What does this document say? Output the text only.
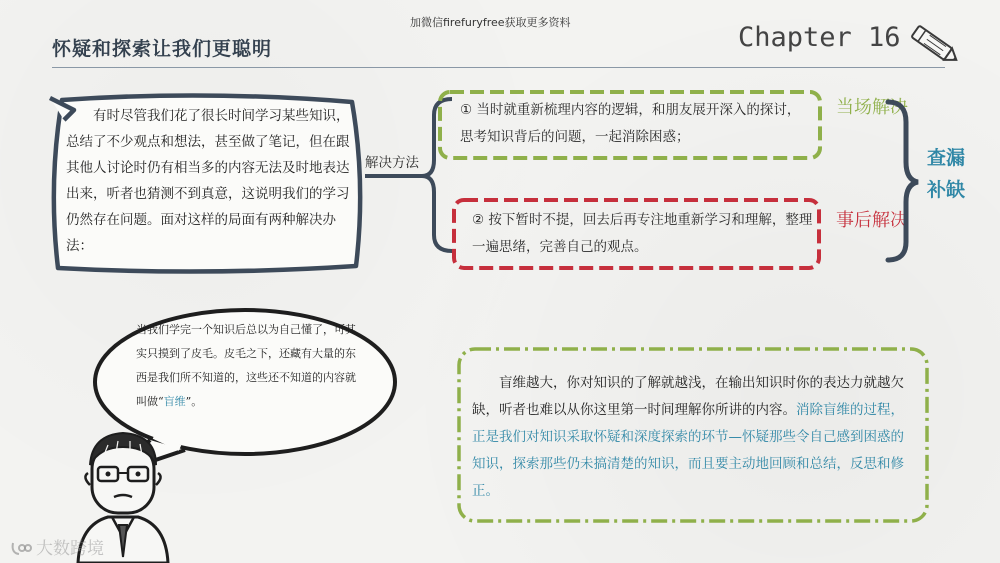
加微信firefuryfree获取更多资料
怀疑和探索让我们更聪明	Chapter 16
有时尽管我们花了很长时间学习某些知识，总结了不少观点和想法，甚至做了笔记，但在跟其他人讨论时仍有相当多的内容无法及时地表达出来，听者也猜测不到真意，这说明我们的学习仍然存在问题。面对这样的局面有两种解决办法：
解决方法
① 当时就重新梳理内容的逻辑，和朋友展开深入的探讨，思考知识背后的问题，一起消除困惑；
② 按下暂时不提，回去后再专注地重新学习和理解，整理一遍思绪，完善自己的观点。
当场解决
事后解决
查漏补缺
当我们学完一个知识后总以为自己懂了，可其实只摸到了皮毛。皮毛之下，还藏有大量的东西是我们所不知道的，这些还不知道的内容就叫做“盲维”。
盲维越大，你对知识的了解就越浅，在输出知识时你的表达力就越欠缺，听者也难以从你这里第一时间理解你所讲的内容。消除盲维的过程，正是我们对知识采取怀疑和深度探索的环节—怀疑那些令自己感到困惑的知识，探索那些仍未搞清楚的知识，而且要主动地回顾和总结，反思和修正。
大数跨境
